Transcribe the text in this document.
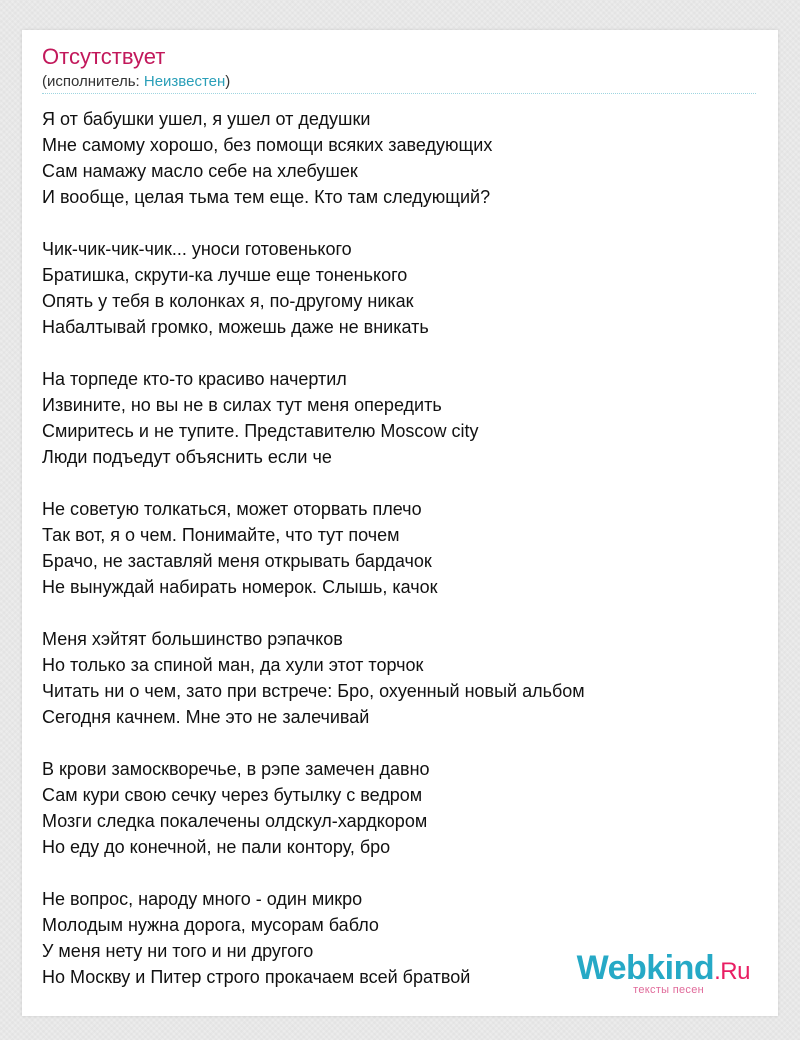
Отсутствует
(исполнитель: Неизвестен)
Я от бабушки ушел, я ушел от дедушки
Мне самому хорошо, без помощи всяких заведующих
Сам намажу масло себе на хлебушек
И вообще, целая тьма тем еще. Кто там следующий?
Чик-чик-чик-чик... уноси готовенького
Братишка, скрути-ка лучше еще тоненького
Опять у тебя в колонках я, по-другому никак
Набалтывай громко, можешь даже не вникать
На торпеде кто-то красиво начертил
Извините, но вы не в силах тут меня опередить
Смиритесь и не тупите. Представителю Moscow city
Люди подъедут объяснить если че
Не советую толкаться, может оторвать плечо
Так вот, я о чем. Понимайте, что тут почем
Брачо, не заставляй меня открывать бардачок
Не вынуждай набирать номерок. Слышь, качок
Меня хэйтят большинство рэпачков
Но только за спиной ман, да хули этот торчок
Читать ни о чем, зато при встрече: Бро, охуенный новый альбом
Сегодня качнем. Мне это не залечивай
В крови замоскворечье, в рэпе замечен давно
Сам кури свою сечку через бутылку с ведром
Мозги следка покалечены олдскул-хардкором
Но еду до конечной, не пали контору, бро
Не вопрос, народу много - один микро
Молодым нужна дорога, мусорам бабло
У меня нету ни того и ни другого
Но Москву и Питер строго прокачаем всей братвой	Webkind.Ru
тексты песен
